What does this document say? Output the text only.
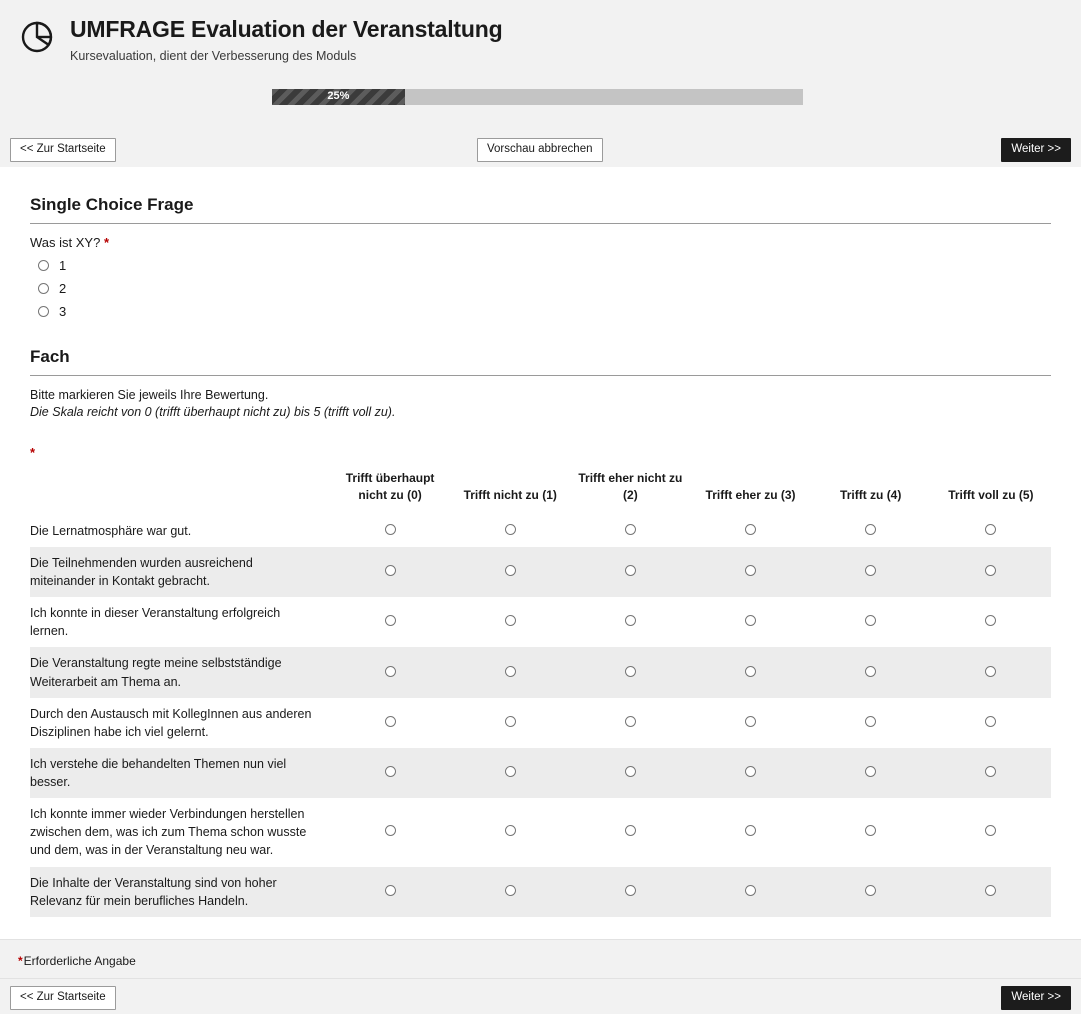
UMFRAGE Evaluation der Veranstaltung
Kursevaluation, dient der Verbesserung des Moduls
25%
<< Zur Startseite	Vorschau abbrechen	Weiter >>
Single Choice Frage
Was ist XY? *
1
2
3
Fach
Bitte markieren Sie jeweils Ihre Bewertung.
Die Skala reicht von 0 (trifft überhaupt nicht zu) bis 5 (trifft voll zu).
*
	Trifft überhaupt nicht zu (0)	Trifft nicht zu (1)	Trifft eher nicht zu (2)	Trifft eher zu (3)	Trifft zu (4)	Trifft voll zu (5)
Die Lernatmosphäre war gut.						
Die Teilnehmenden wurden ausreichend miteinander in Kontakt gebracht.						
Ich konnte in dieser Veranstaltung erfolgreich lernen.						
Die Veranstaltung regte meine selbstständige Weiterarbeit am Thema an.						
Durch den Austausch mit KollegInnen aus anderen Disziplinen habe ich viel gelernt.						
Ich verstehe die behandelten Themen nun viel besser.						
Ich konnte immer wieder Verbindungen herstellen zwischen dem, was ich zum Thema schon wusste und dem, was in der Veranstaltung neu war.						
Die Inhalte der Veranstaltung sind von hoher Relevanz für mein berufliches Handeln.						
*Erforderliche Angabe
<< Zur Startseite	Weiter >>
